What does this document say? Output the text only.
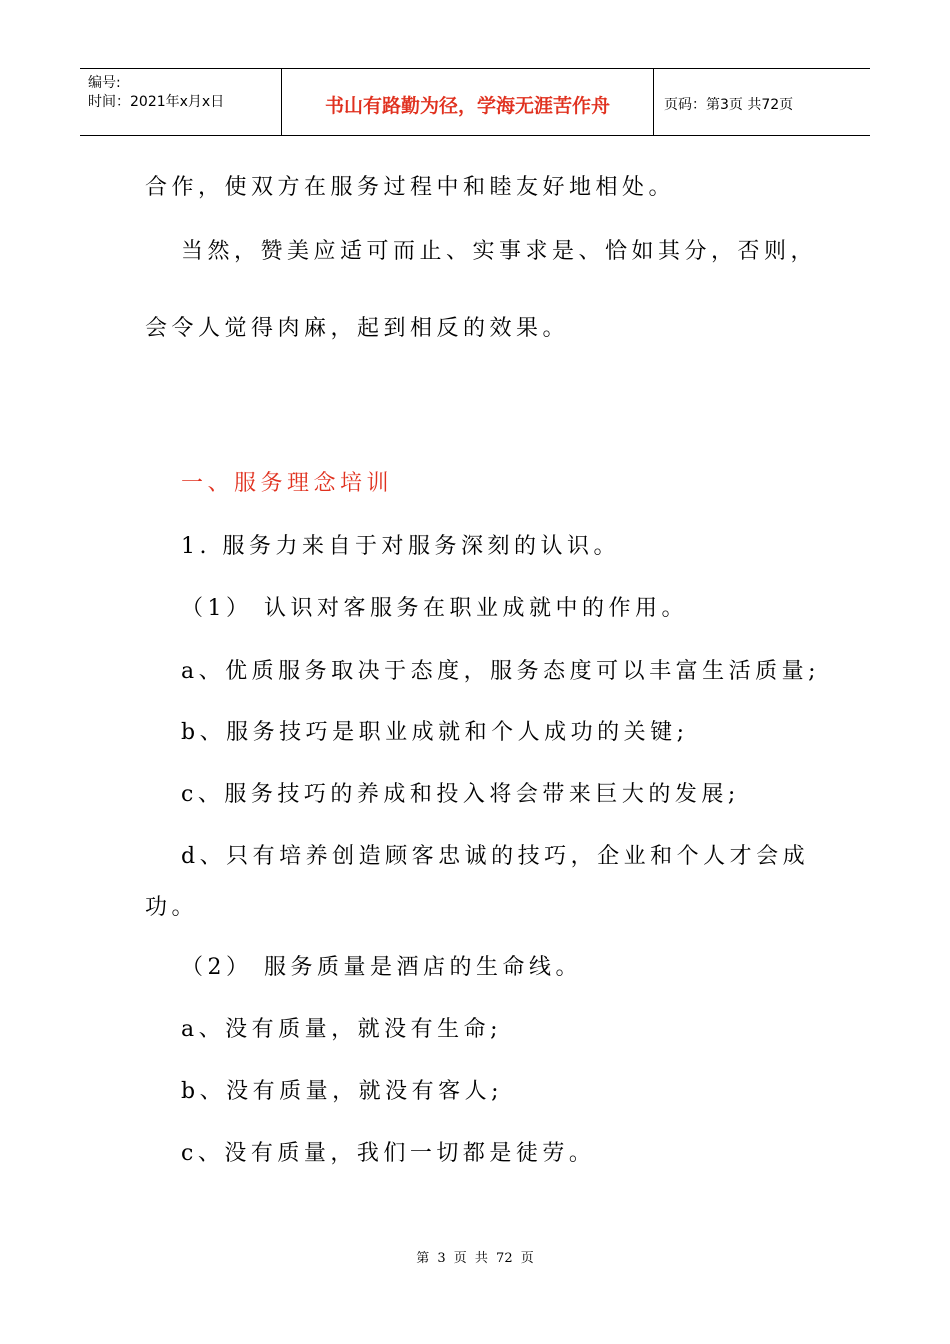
编号:
时间：2021年x月x日	书山有路勤为径，学海无涯苦作舟	页码：第3页 共72页
合作，使双方在服务过程中和睦友好地相处。
当然，赞美应适可而止、实事求是、恰如其分，否则，
会令人觉得肉麻，起到相反的效果。
一、服务理念培训
1. 服务力来自于对服务深刻的认识。
（1） 认识对客服务在职业成就中的作用。
a、优质服务取决于态度，服务态度可以丰富生活质量;
b、服务技巧是职业成就和个人成功的关键;
c、服务技巧的养成和投入将会带来巨大的发展;
d、只有培养创造顾客忠诚的技巧，企业和个人才会成
功。
（2） 服务质量是酒店的生命线。
a、没有质量，就没有生命;
b、没有质量，就没有客人;
c、没有质量，我们一切都是徒劳。
第 3 页 共 72 页
